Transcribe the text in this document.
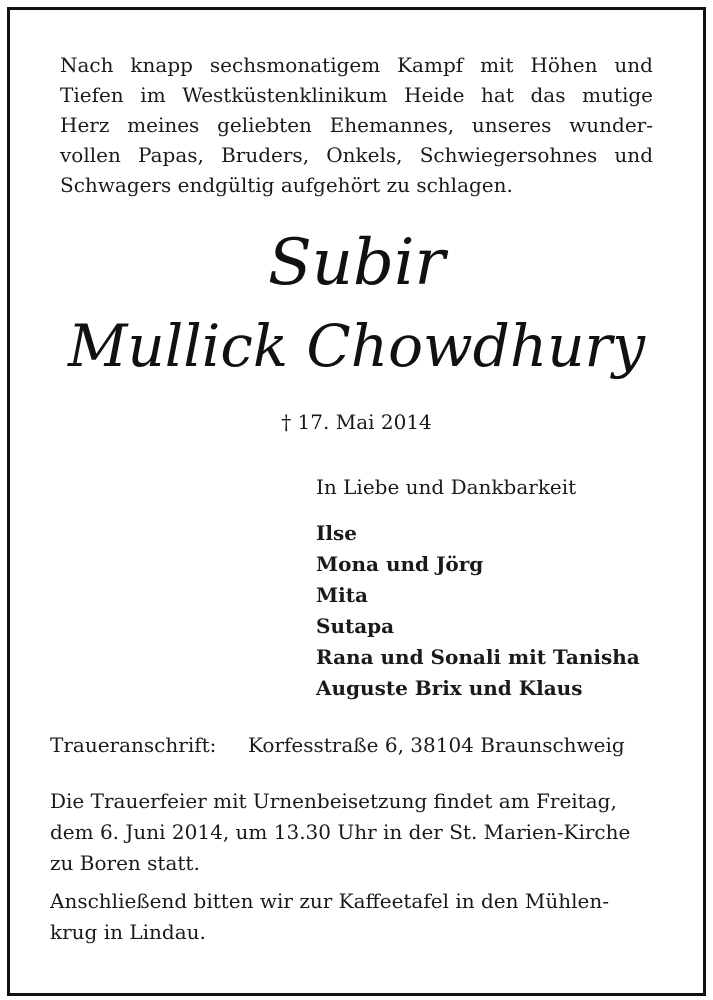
Nach knapp sechsmonatigem Kampf mit Höhen und
Tiefen im Westküstenklinikum Heide hat das mutige
Herz meines geliebten Ehemannes, unseres wunder-
vollen Papas, Bruders, Onkels, Schwiegersohnes und
Schwagers endgültig aufgehört zu schlagen.
Subir
Mullick Chowdhury
† 17. Mai 2014
In Liebe und Dankbarkeit
Ilse
Mona und Jörg
Mita
Sutapa
Rana und Sonali mit Tanisha
Auguste Brix und Klaus
Traueranschrift: Korfesstraße 6, 38104 Braunschweig
Die Trauerfeier mit Urnenbeisetzung findet am Freitag,
dem 6. Juni 2014, um 13.30 Uhr in der St. Marien-Kirche
zu Boren statt.
Anschließend bitten wir zur Kaffeetafel in den Mühlen-
krug in Lindau.
